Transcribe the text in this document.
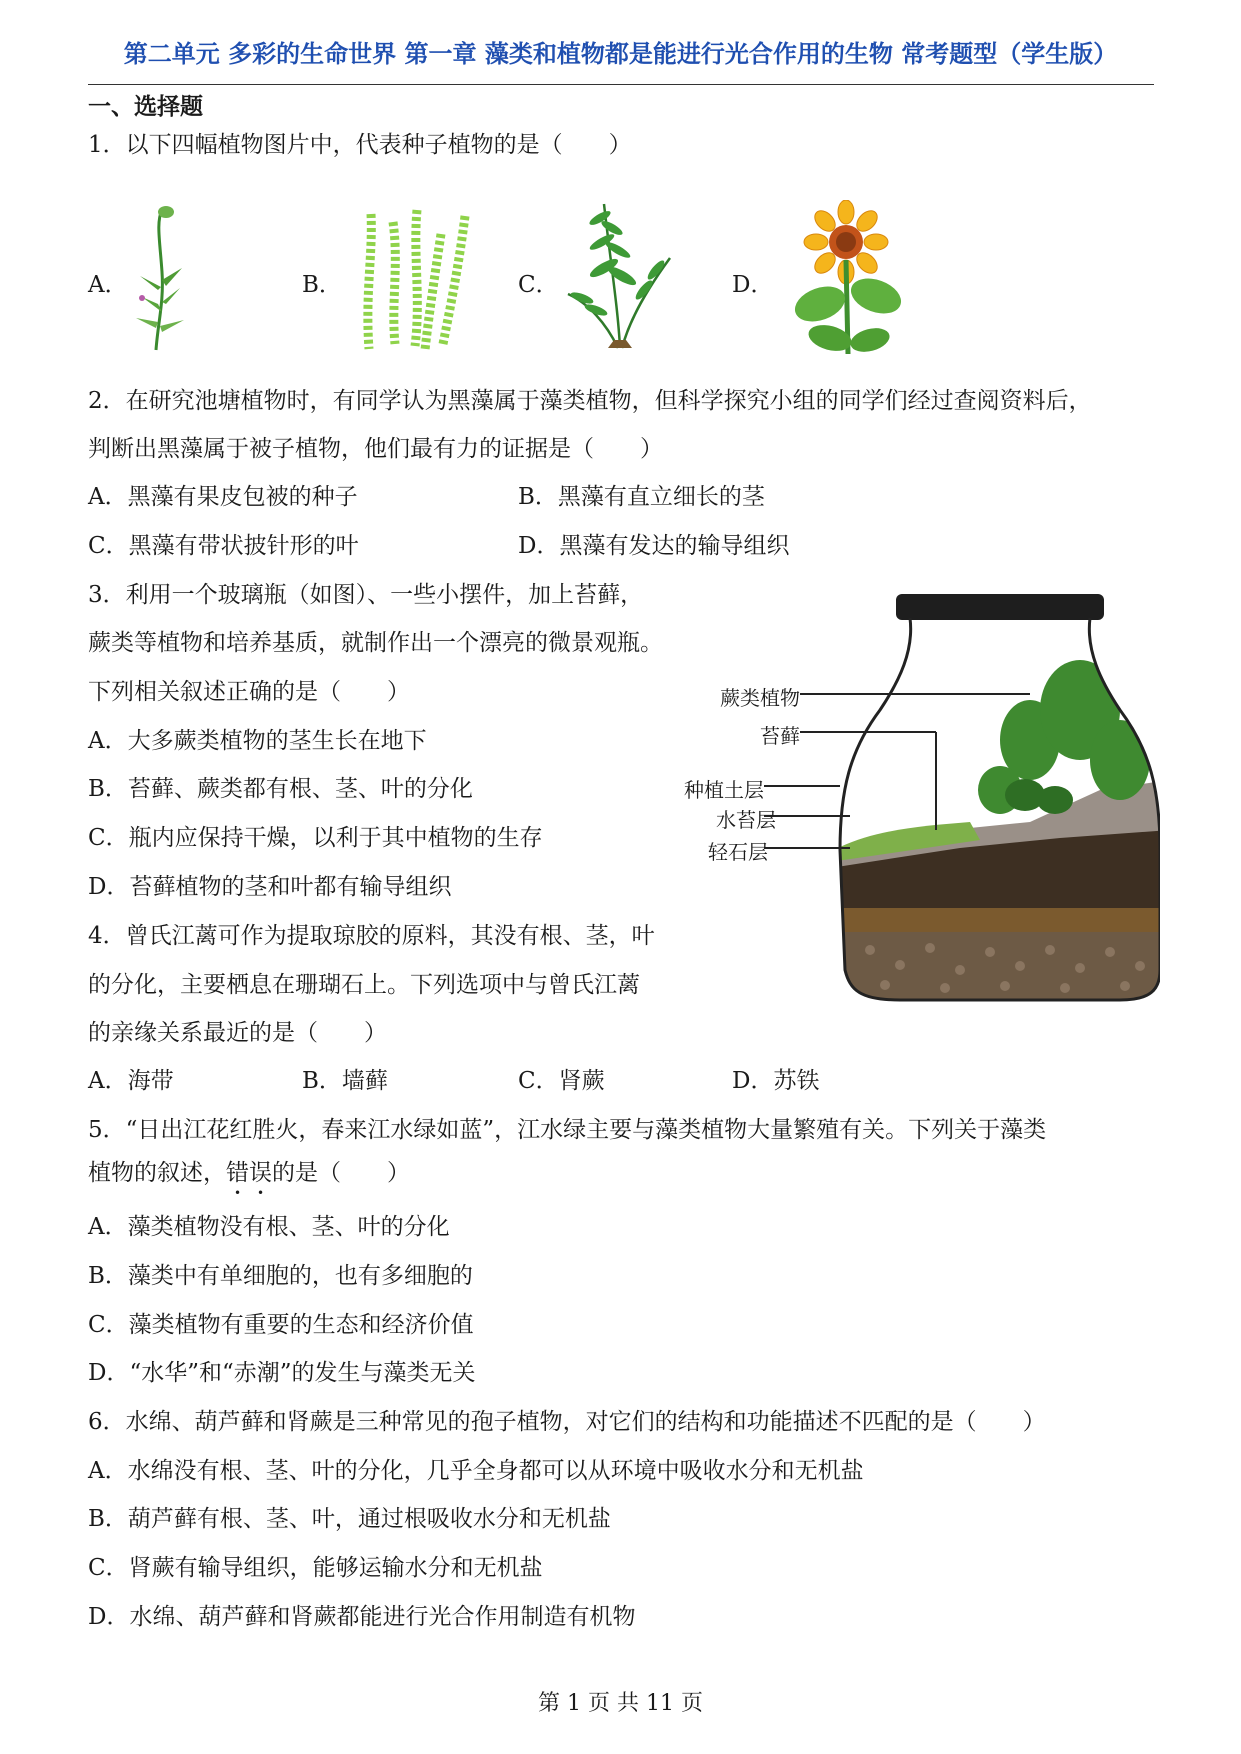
第二单元 多彩的生命世界 第一章 藻类和植物都是能进行光合作用的生物 常考题型（学生版）
一、选择题
1．以下四幅植物图片中，代表种子植物的是（　　）
A．	B．	C．	D．
2．在研究池塘植物时，有同学认为黑藻属于藻类植物，但科学探究小组的同学们经过查阅资料后，
判断出黑藻属于被子植物，他们最有力的证据是（　　）
A．黑藻有果皮包被的种子	B．黑藻有直立细长的茎
C．黑藻有带状披针形的叶	D．黑藻有发达的输导组织
3．利用一个玻璃瓶（如图）、一些小摆件，加上苔藓，
蕨类等植物和培养基质，就制作出一个漂亮的微景观瓶。
下列相关叙述正确的是（　　）
A．大多蕨类植物的茎生长在地下
B．苔藓、蕨类都有根、茎、叶的分化
C．瓶内应保持干燥，以利于其中植物的生存
D．苔藓植物的茎和叶都有输导组织
蕨类植物
苔藓
种植土层
水苔层
轻石层
4．曾氏江蓠可作为提取琼胶的原料，其没有根、茎，叶
的分化，主要栖息在珊瑚石上。下列选项中与曾氏江蓠
的亲缘关系最近的是（　　）
A．海带	B．墙藓	C．肾蕨	D．苏铁
5．“日出江花红胜火，春来江水绿如蓝”，江水绿主要与藻类植物大量繁殖有关。下列关于藻类
植物的叙述，错误的是（　　）
A．藻类植物没有根、茎、叶的分化
B．藻类中有单细胞的，也有多细胞的
C．藻类植物有重要的生态和经济价值
D．“水华”和“赤潮”的发生与藻类无关
6．水绵、葫芦藓和肾蕨是三种常见的孢子植物，对它们的结构和功能描述不匹配的是（　　）
A．水绵没有根、茎、叶的分化，几乎全身都可以从环境中吸收水分和无机盐
B．葫芦藓有根、茎、叶，通过根吸收水分和无机盐
C．肾蕨有输导组织，能够运输水分和无机盐
D．水绵、葫芦藓和肾蕨都能进行光合作用制造有机物
第 1 页 共 11 页
